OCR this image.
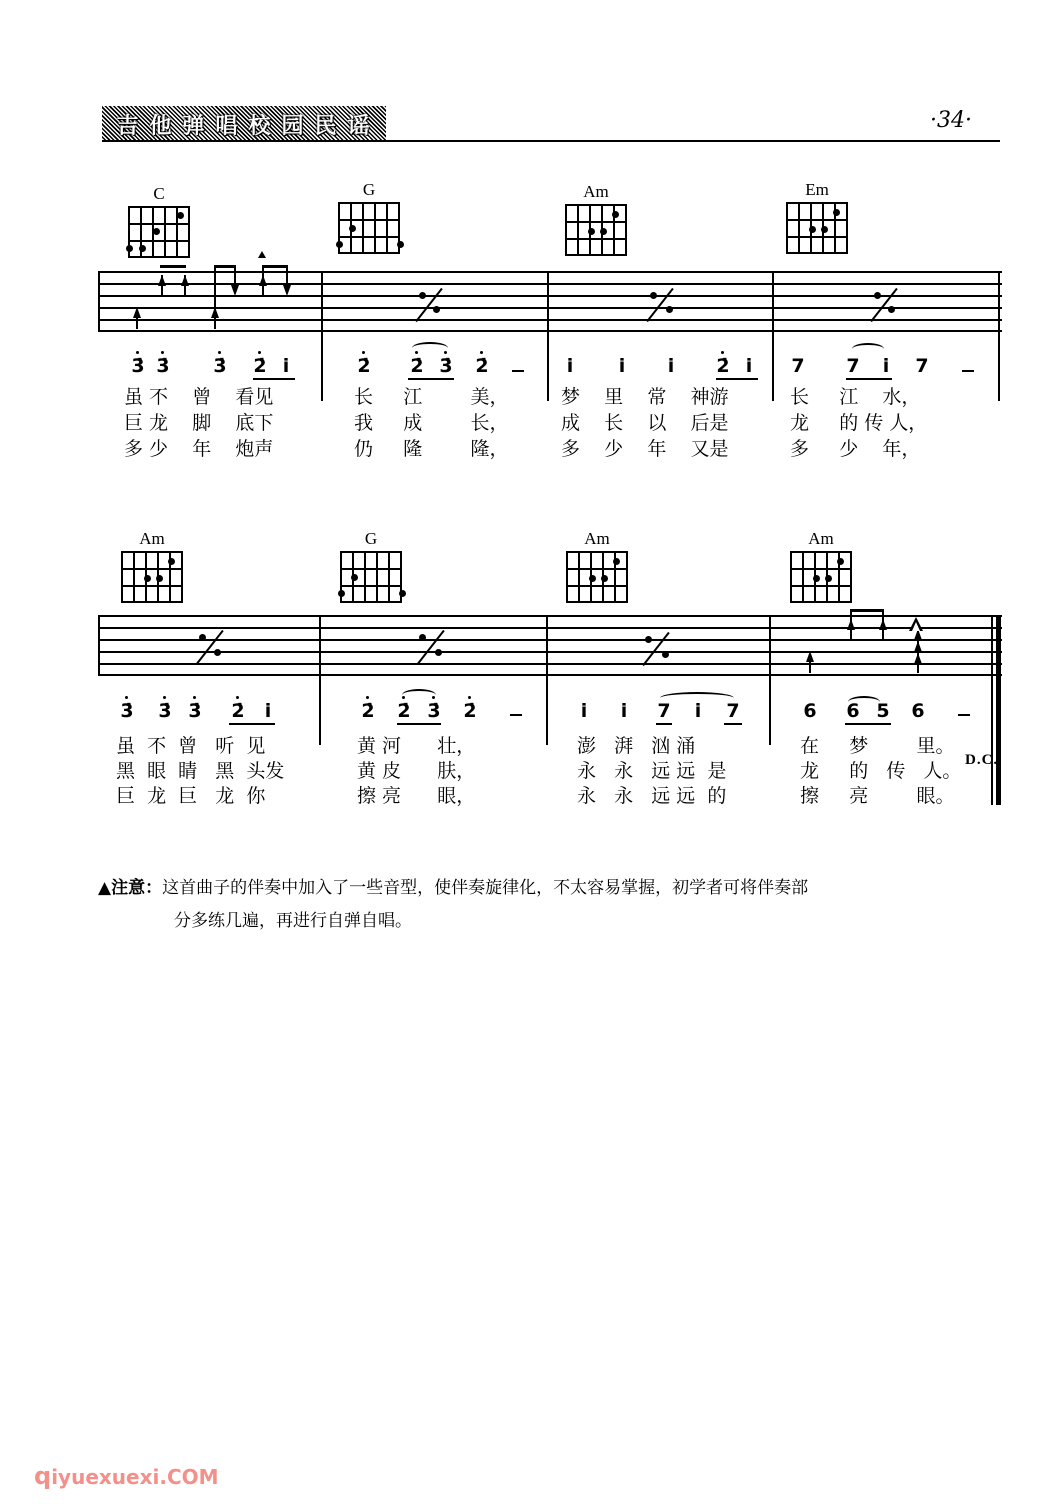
吉 他 弹 唱 校 园 民 谣	·34·
C	G	Am	Em
3̇ 3̇ 3̇ 2̇ i	2̇ 2̇ 3̇ 2̇	i	i	i	2̇ i	7 7	i	7
虽 不    曾    看见
巨 龙    脚    底下
多 少    年    炮声
长     江        美，
我     成        长，
仍     隆        隆，
梦    里    常    神游
成    长    以    后是
多    少    年    又是
长     江    水，
龙     的 传 人，
多     少    年，
Am	G	Am	Am
3̇ 3̇ 3̇ 2̇	i	2̇ 2̇ 3̇ 2̇	i	i	7	i	7	6 6 5 6
虽  不  曾   听  见
黑  眼  睛   黑  头发
巨  龙  巨   龙  你
黄 河      壮，
黄 皮      肤，
擦 亮      眼，
澎   湃   汹 涌
永   永   远 远  是
永   永   远 远  的
在     梦        里。
龙     的   传   人。
擦     亮        眼。
D.C.
▲注意：这首曲子的伴奏中加入了一些音型，使伴奏旋律化，不太容易掌握，初学者可将伴奏部
分多练几遍，再进行自弹自唱。
qiyuexuexi.COM
